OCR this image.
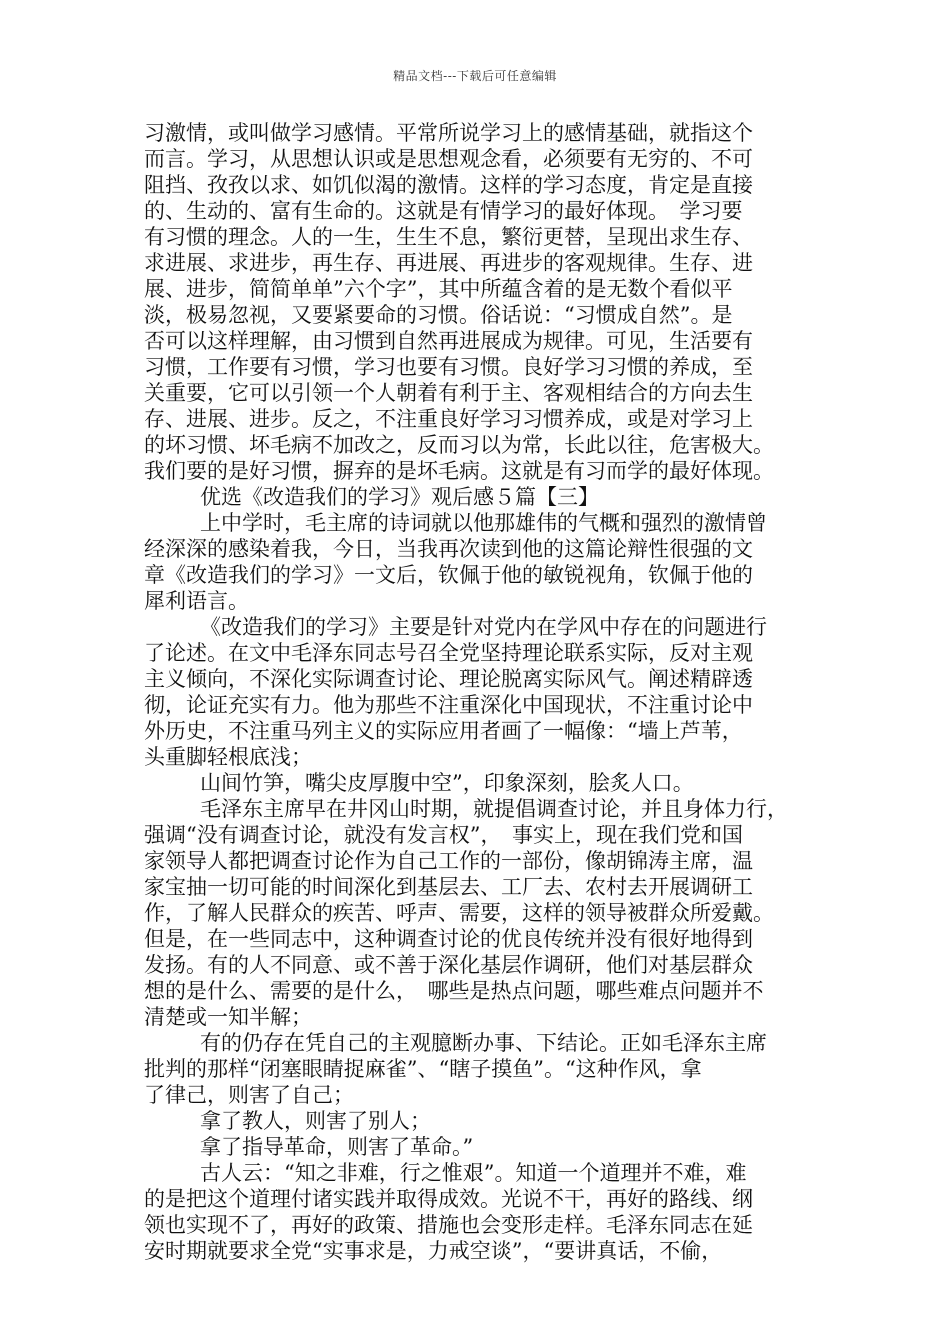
精品文档---下载后可任意编辑
习激情，或叫做学习感情。平常所说学习上的感情基础，就指这个
而言。学习，从思想认识或是思想观念看，必须要有无穷的、不可
阻挡、孜孜以求、如饥似渴的激情。这样的学习态度，肯定是直接
的、生动的、富有生命的。这就是有情学习的最好体现。　学习要
有习惯的理念。人的一生，生生不息，繁衍更替，呈现出求生存、
求进展、求进步，再生存、再进展、再进步的客观规律。生存、进
展、进步，简简单单”六个字”，其中所蕴含着的是无数个看似平
淡，极易忽视，又要紧要命的习惯。俗话说：“习惯成自然”。是
否可以这样理解，由习惯到自然再进展成为规律。可见，生活要有
习惯，工作要有习惯，学习也要有习惯。良好学习习惯的养成，至
关重要，它可以引领一个人朝着有利于主、客观相结合的方向去生
存、进展、进步。反之，不注重良好学习习惯养成，或是对学习上
的坏习惯、坏毛病不加改之，反而习以为常，长此以往，危害极大。
我们要的是好习惯，摒弃的是坏毛病。这就是有习而学的最好体现。
优选《改造我们的学习》观后感５篇【三】
上中学时，毛主席的诗词就以他那雄伟的气概和强烈的激情曾
经深深的感染着我，今日，当我再次读到他的这篇论辩性很强的文
章《改造我们的学习》一文后，钦佩于他的敏锐视角，钦佩于他的
犀利语言。
《改造我们的学习》主要是针对党内在学风中存在的问题进行
了论述。在文中毛泽东同志号召全党坚持理论联系实际，反对主观
主义倾向，不深化实际调查讨论、理论脱离实际风气。阐述精辟透
彻，论证充实有力。他为那些不注重深化中国现状，不注重讨论中
外历史，不注重马列主义的实际应用者画了一幅像：“墙上芦苇，
头重脚轻根底浅；
山间竹笋，嘴尖皮厚腹中空”，印象深刻，脍炙人口。
毛泽东主席早在井冈山时期，就提倡调查讨论，并且身体力行，
强调“没有调查讨论，就没有发言权”，　事实上，现在我们党和国
家领导人都把调查讨论作为自己工作的一部份，像胡锦涛主席，温
家宝抽一切可能的时间深化到基层去、工厂去、农村去开展调研工
作，了解人民群众的疾苦、呼声、需要，这样的领导被群众所爱戴。
但是，在一些同志中，这种调查讨论的优良传统并没有很好地得到
发扬。有的人不同意、或不善于深化基层作调研，他们对基层群众
想的是什么、需要的是什么，　哪些是热点问题，哪些难点问题并不
清楚或一知半解；
有的仍存在凭自己的主观臆断办事、下结论。正如毛泽东主席
批判的那样“闭塞眼睛捉麻雀”、“瞎子摸鱼”。“这种作风，拿
了律己，则害了自己；
拿了教人，则害了别人；
拿了指导革命，则害了革命。”
古人云：“知之非难，行之惟艰”。知道一个道理并不难，难
的是把这个道理付诸实践并取得成效。光说不干，再好的路线、纲
领也实现不了，再好的政策、措施也会变形走样。毛泽东同志在延
安时期就要求全党“实事求是，力戒空谈”，“要讲真话，不偷，
